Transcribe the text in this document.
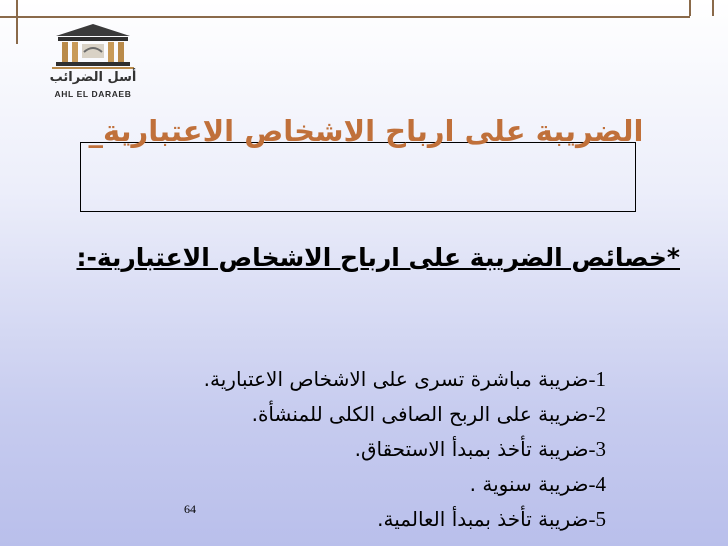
أسل الضرائب
AHL EL DARAEB
الضريبة على ارباح الاشخاص الاعتبارية_
*خصائص الضريبة على ارباح الاشخاص الاعتبارية-:
1-ضريبة مباشرة تسرى على الاشخاص الاعتبارية.
2-ضريبة على الربح الصافى الكلى للمنشأة.
3-ضريبة تأخذ بمبدأ الاستحقاق.
4-ضريبة سنوية .
5-ضريبة تأخذ بمبدأ العالمية.
64
